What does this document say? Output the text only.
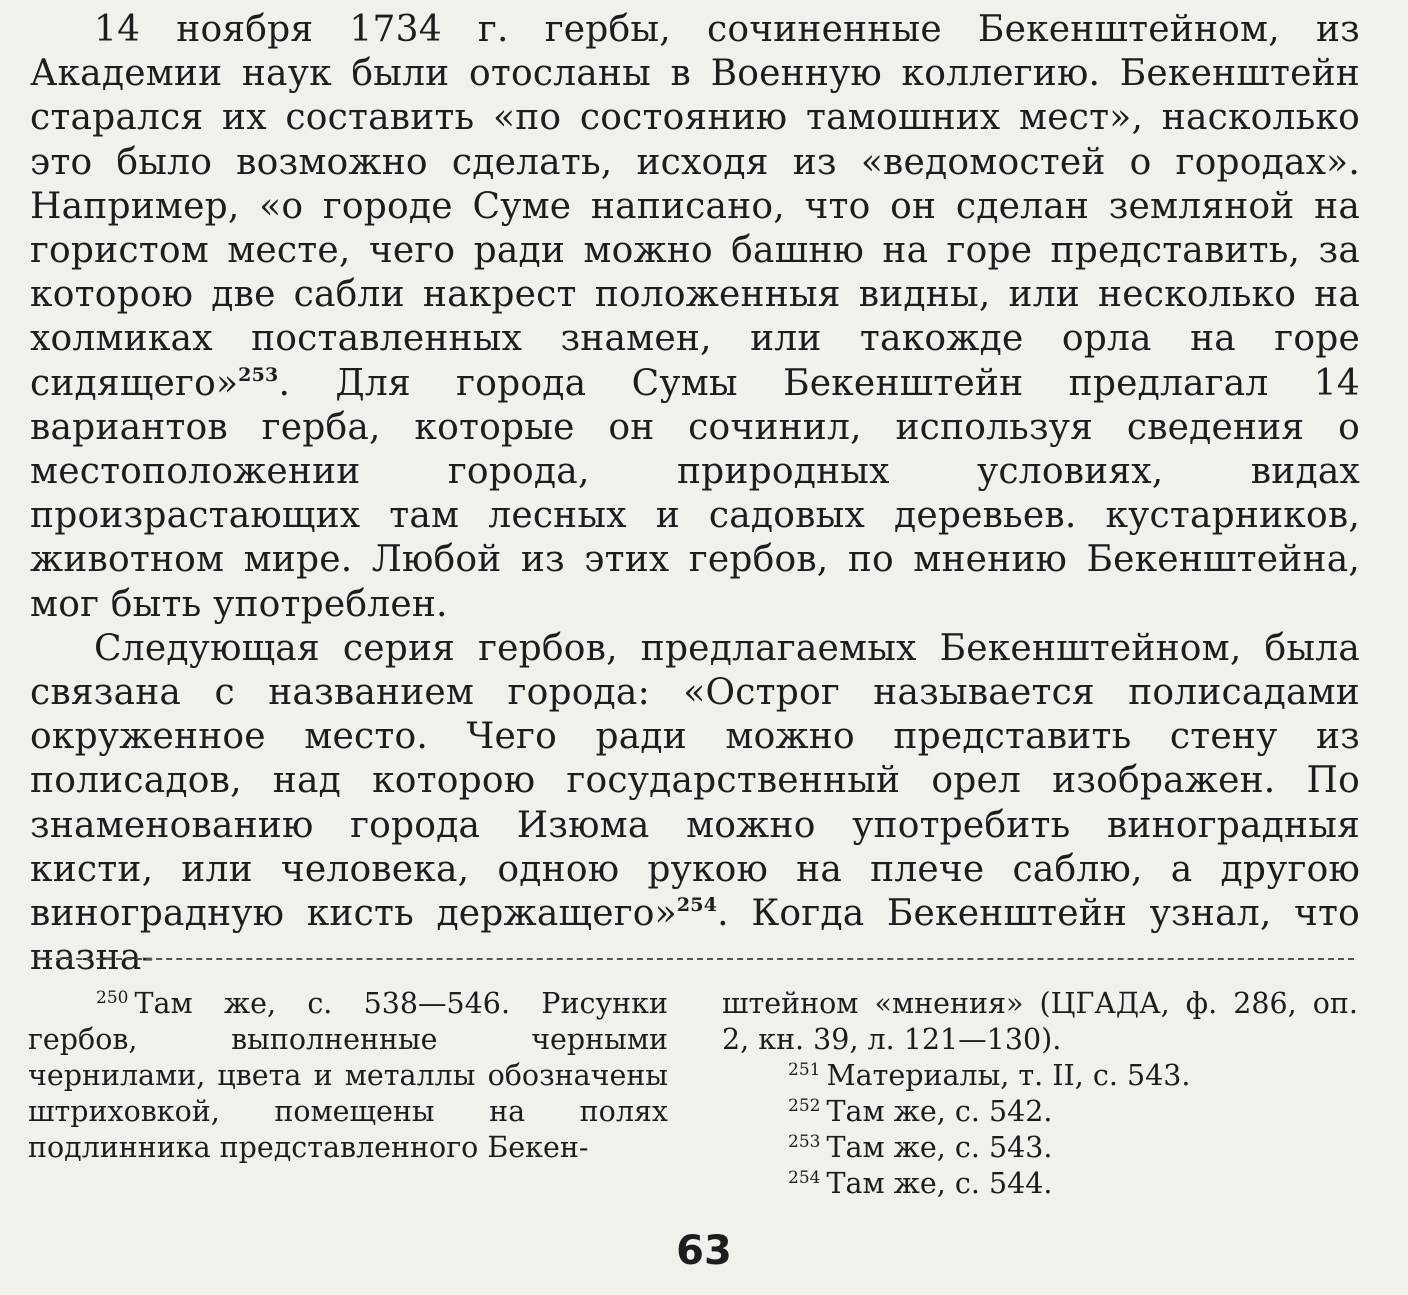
14 ноября 1734 г. гербы, сочиненные Бекенштейном, из Академии наук были отосланы в Военную коллегию. Бекенштейн старался их составить «по состоянию тамошних мест», насколько это было возможно сделать, исходя из «ведомостей о городах». Например, «о городе Суме написано, что он сделан земляной на гористом месте, чего ради можно башню на горе представить, за которою две сабли накрест положенныя видны, или несколько на холмиках поставленных знамен, или такожде орла на горе сидящего»$^{253}$. Для города Сумы Бекенштейн предлагал 14 вариантов герба, которые он сочинил, используя сведения о местоположении города, природных условиях, видах произрастающих там лесных и садовых деревьев. кустарников, животном мире. Любой из этих гербов, по мнению Бекенштейна, мог быть употреблен.

Следующая серия гербов, предлагаемых Бекенштейном, была связана с названием города: «Острог называется полисадами окруженное место. Чего ради можно представить стену из полисадов, над которою государственный орел изображен. По знаменованию города Изюма можно употребить виноградныя кисти, или человека, одною рукою на плече саблю, а другою виноградную кисть держащего»$^{254}$. Когда Бекенштейн узнал, что назна-

$^{250}$ Там же, с. 538—546. Рисунки гербов, выполненные черными чернилами, цвета и металлы обозначены штриховкой, помещены на полях подлинника представленного Бекен-

штейном «мнения» (ЦГАДА, ф. 286, оп. 2, кн. 39, л. 121—130).

$^{251}$ Материалы, т. II, с. 543.

$^{252}$ Там же, с. 542.

$^{253}$ Там же, с. 543.

$^{254}$ Там же, с. 544.

63
